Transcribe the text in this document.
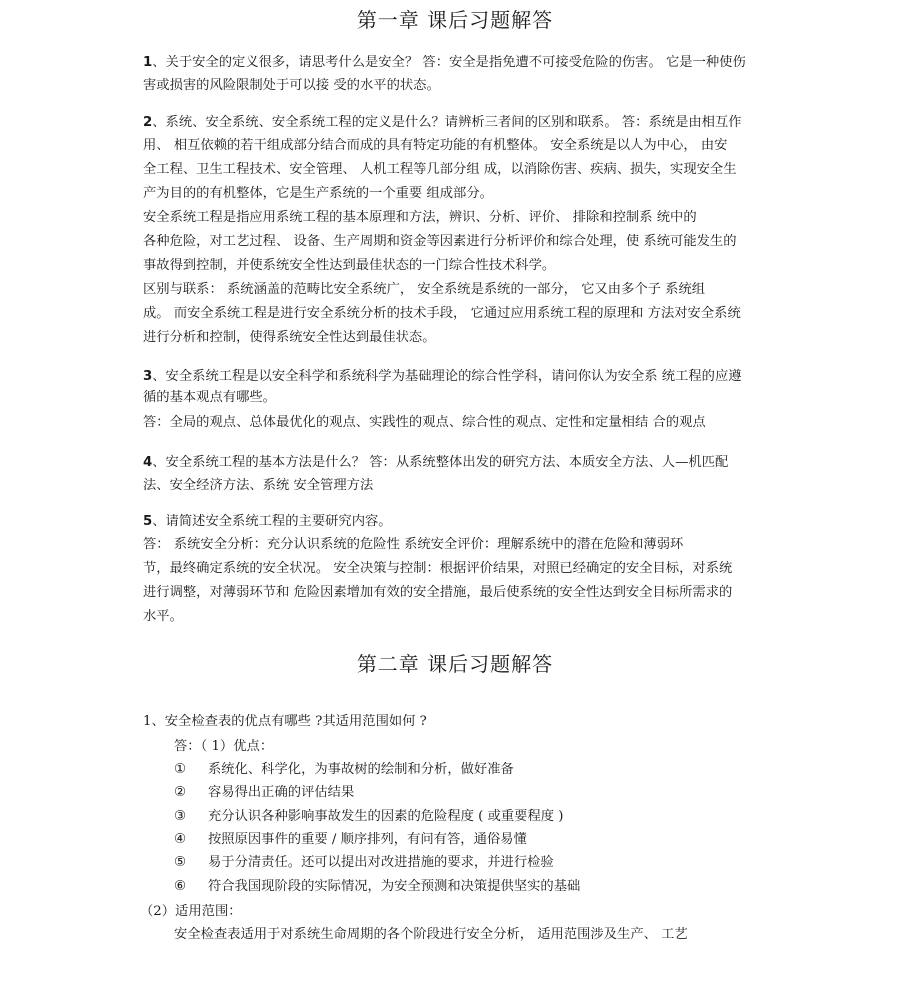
第一章 课后习题解答
1、关于安全的定义很多，请思考什么是安全？ 答：安全是指免遭不可接受危险的伤害。 它是一种使伤
害或损害的风险限制处于可以接 受的水平的状态。
2、系统、安全系统、安全系统工程的定义是什么？请辨析三者间的区别和联系。 答：系统是由相互作
用、 相互依赖的若干组成部分结合而成的具有特定功能的有机整体。 安全系统是以人为中心， 由安
全工程、卫生工程技术、安全管理、 人机工程等几部分组 成，以消除伤害、疾病、损失，实现安全生
产为目的的有机整体，它是生产系统的一个重要 组成部分。
安全系统工程是指应用系统工程的基本原理和方法，辨识、分析、评价、 排除和控制系 统中的
各种危险，对工艺过程、 设备、生产周期和资金等因素进行分析评价和综合处理，使 系统可能发生的
事故得到控制，并使系统安全性达到最佳状态的一门综合性技术科学。
区别与联系： 系统涵盖的范畴比安全系统广， 安全系统是系统的一部分， 它又由多个子 系统组
成。 而安全系统工程是进行安全系统分析的技术手段， 它通过应用系统工程的原理和 方法对安全系统
进行分析和控制，使得系统安全性达到最佳状态。
3、安全系统工程是以安全科学和系统科学为基础理论的综合性学科，请问你认为安全系 统工程的应遵
循的基本观点有哪些。
答：全局的观点、总体最优化的观点、实践性的观点、综合性的观点、定性和定量相结 合的观点
4、安全系统工程的基本方法是什么？ 答：从系统整体出发的研究方法、本质安全方法、人—机匹配
法、安全经济方法、系统 安全管理方法
5、请简述安全系统工程的主要研究内容。
答： 系统安全分析：充分认识系统的危险性 系统安全评价：理解系统中的潜在危险和薄弱环
节，最终确定系统的安全状况。 安全决策与控制：根据评价结果，对照已经确定的安全目标，对系统
进行调整，对薄弱环节和 危险因素增加有效的安全措施，最后使系统的安全性达到安全目标所需求的
水平。
第二章 课后习题解答
1、安全检查表的优点有哪些 ?其适用范围如何 ?
答：（ 1）优点：
① 系统化、科学化，为事故树的绘制和分析，做好准备
② 容易得出正确的评估结果
③ 充分认识各种影响事故发生的因素的危险程度 ( 或重要程度 )
④ 按照原因事件的重要 / 顺序排列，有问有答，通俗易懂
⑤ 易于分清责任。还可以提出对改进措施的要求，并进行检验
⑥ 符合我国现阶段的实际情况，为安全预测和决策提供坚实的基础
（2）适用范围：
安全检查表适用于对系统生命周期的各个阶段进行安全分析， 适用范围涉及生产、 工艺
